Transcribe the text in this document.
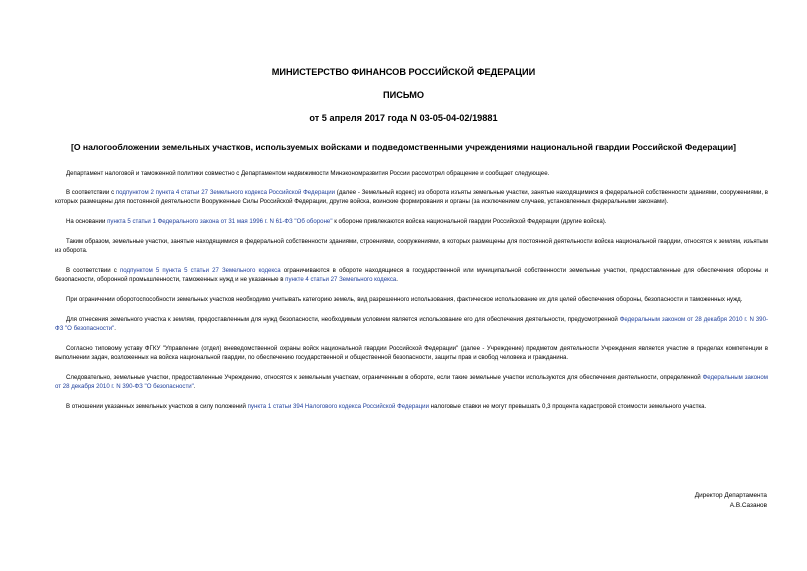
МИНИСТЕРСТВО ФИНАНСОВ РОССИЙСКОЙ ФЕДЕРАЦИИ
ПИСЬМО
от 5 апреля 2017 года N 03-05-04-02/19881
[О налогообложении земельных участков, используемых войсками и подведомственными учреждениями национальной гвардии Российской Федерации]

Департамент налоговой и таможенной политики совместно с Департаментом недвижимости Минэкономразвития России рассмотрел обращение и сообщает следующее.

В соответствии с подпунктом 2 пункта 4 статьи 27 Земельного кодекса Российской Федерации (далее - Земельный кодекс) из оборота изъяты земельные участки, занятые находящимися в федеральной собственности зданиями, сооружениями, в которых размещены для постоянной деятельности Вооруженные Силы Российской Федерации, другие войска, воинские формирования и органы (за исключением случаев, установленных федеральными законами).

На основании пункта 5 статьи 1 Федерального закона от 31 мая 1996 г. N 61-ФЗ "Об обороне" к обороне привлекаются войска национальной гвардии Российской Федерации (другие войска).

Таким образом, земельные участки, занятые находящимися в федеральной собственности зданиями, строениями, сооружениями, в которых размещены для постоянной деятельности войска национальной гвардии, относятся к землям, изъятым из оборота.

В соответствии с подпунктом 5 пункта 5 статьи 27 Земельного кодекса ограничиваются в обороте находящиеся в государственной или муниципальной собственности земельные участки, предоставленные для обеспечения обороны и безопасности, оборонной промышленности, таможенных нужд и не указанные в пункте 4 статьи 27 Земельного кодекса.

При ограничении оборотоспособности земельных участков необходимо учитывать категорию земель, вид разрешенного использования, фактическое использование их для целей обеспечения обороны, безопасности и таможенных нужд.

Для отнесения земельного участка к землям, предоставленным для нужд безопасности, необходимым условием является использование его для обеспечения деятельности, предусмотренной Федеральным законом от 28 декабря 2010 г. N 390-ФЗ "О безопасности".

Согласно типовому уставу ФГКУ "Управление (отдел) вневедомственной охраны войск национальной гвардии Российской Федерации" (далее - Учреждение) предметом деятельности Учреждения является участие в пределах компетенции в выполнении задач, возложенных на войска национальной гвардии, по обеспечению государственной и общественной безопасности, защиты прав и свобод человека и гражданина.

Следовательно, земельные участки, предоставленные Учреждению, относятся к земельным участкам, ограниченным в обороте, если такие земельные участки используются для обеспечения деятельности, определенной Федеральным законом от 28 декабря 2010 г. N 390-ФЗ "О безопасности".

В отношении указанных земельных участков в силу положений пункта 1 статьи 394 Налогового кодекса Российской Федерации налоговые ставки не могут превышать 0,3 процента кадастровой стоимости земельного участка.

Директор Департамента
А.В.Сазанов
